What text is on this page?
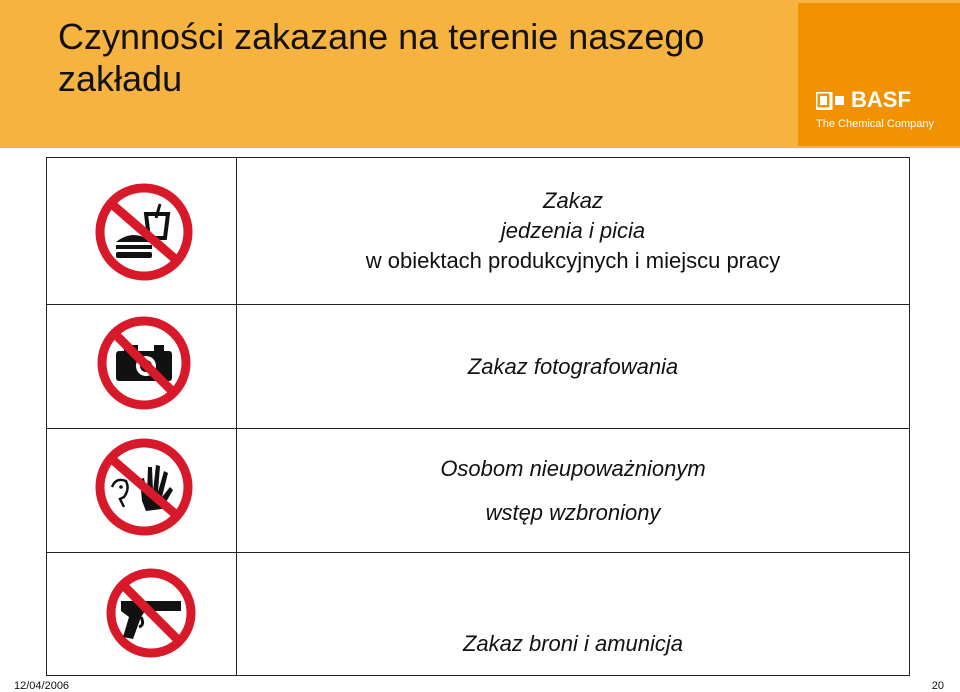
Czynności zakazane na terenie naszego zakładu
BASF
The Chemical Company
Zakaz
jedzenia i picia
w obiektach produkcyjnych i miejscu pracy
Zakaz fotografowania
Osobom nieupoważnionym
wstęp wzbroniony
Zakaz broni i amunicja
12/04/2006	20
